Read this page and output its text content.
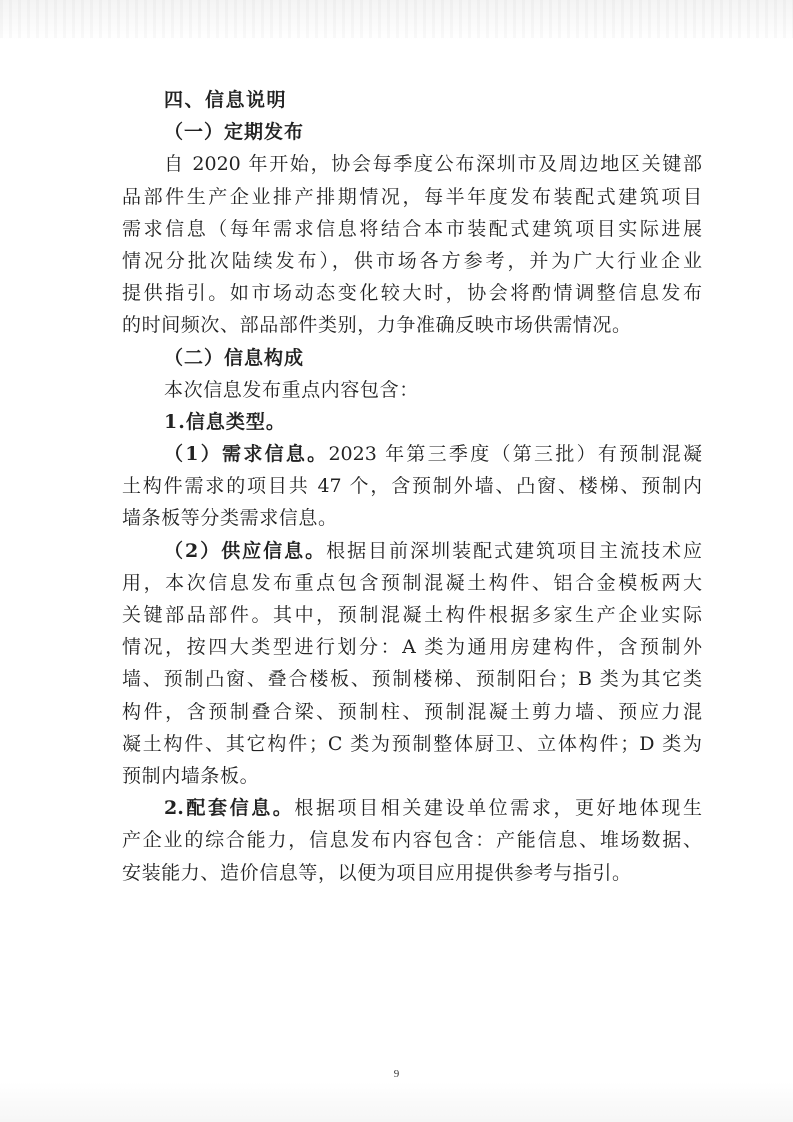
四、信息说明
（一）定期发布
自 2020 年开始，协会每季度公布深圳市及周边地区关键部
品部件生产企业排产排期情况，每半年度发布装配式建筑项目
需求信息（每年需求信息将结合本市装配式建筑项目实际进展
情况分批次陆续发布），供市场各方参考，并为广大行业企业
提供指引。如市场动态变化较大时，协会将酌情调整信息发布
的时间频次、部品部件类别，力争准确反映市场供需情况。
（二）信息构成
本次信息发布重点内容包含：
1.信息类型。
（1）需求信息。2023 年第三季度（第三批）有预制混凝
土构件需求的项目共 47 个，含预制外墙、凸窗、楼梯、预制内
墙条板等分类需求信息。
（2）供应信息。根据目前深圳装配式建筑项目主流技术应
用，本次信息发布重点包含预制混凝土构件、铝合金模板两大
关键部品部件。其中，预制混凝土构件根据多家生产企业实际
情况，按四大类型进行划分：A 类为通用房建构件，含预制外
墙、预制凸窗、叠合楼板、预制楼梯、预制阳台；B 类为其它类
构件，含预制叠合梁、预制柱、预制混凝土剪力墙、预应力混
凝土构件、其它构件；C 类为预制整体厨卫、立体构件；D 类为
预制内墙条板。
2.配套信息。根据项目相关建设单位需求，更好地体现生
产企业的综合能力，信息发布内容包含：产能信息、堆场数据、
安装能力、造价信息等，以便为项目应用提供参考与指引。
9
